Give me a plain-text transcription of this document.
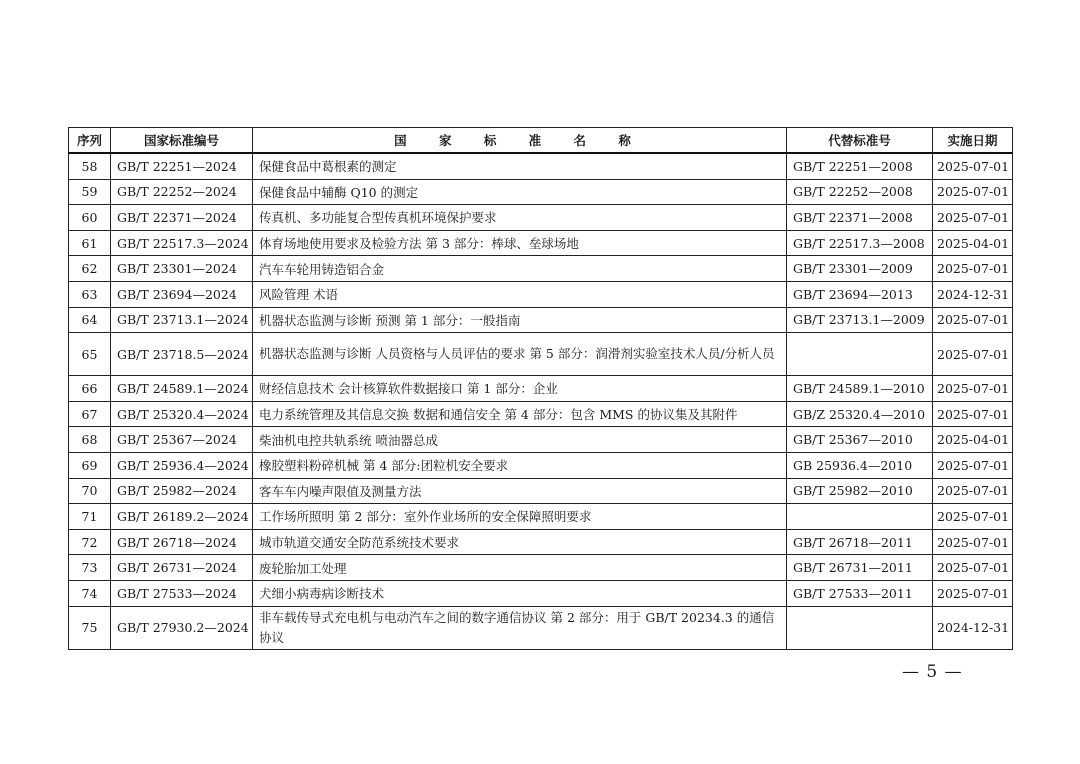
序列	国家标准编号	国 家 标 准 名 称	代替标准号	实施日期
58	GB/T 22251—2024	保健食品中葛根素的测定	GB/T 22251—2008	2025-07-01
59	GB/T 22252—2024	保健食品中辅酶 Q10 的测定	GB/T 22252—2008	2025-07-01
60	GB/T 22371—2024	传真机、多功能复合型传真机环境保护要求	GB/T 22371—2008	2025-07-01
61	GB/T 22517.3—2024	体育场地使用要求及检验方法 第 3 部分：棒球、垒球场地	GB/T 22517.3—2008	2025-04-01
62	GB/T 23301—2024	汽车车轮用铸造铝合金	GB/T 23301—2009	2025-07-01
63	GB/T 23694—2024	风险管理 术语	GB/T 23694—2013	2024-12-31
64	GB/T 23713.1—2024	机器状态监测与诊断 预测 第 1 部分：一般指南	GB/T 23713.1—2009	2025-07-01
65	GB/T 23718.5—2024	机器状态监测与诊断 人员资格与人员评估的要求 第 5 部分：润滑剂实验室技术人员/分析人员		2025-07-01
66	GB/T 24589.1—2024	财经信息技术 会计核算软件数据接口 第 1 部分：企业	GB/T 24589.1—2010	2025-07-01
67	GB/T 25320.4—2024	电力系统管理及其信息交换 数据和通信安全 第 4 部分：包含 MMS 的协议集及其附件	GB/Z 25320.4—2010	2025-07-01
68	GB/T 25367—2024	柴油机电控共轨系统 喷油器总成	GB/T 25367—2010	2025-04-01
69	GB/T 25936.4—2024	橡胶塑料粉碎机械 第 4 部分:团粒机安全要求	GB 25936.4—2010	2025-07-01
70	GB/T 25982—2024	客车车内噪声限值及测量方法	GB/T 25982—2010	2025-07-01
71	GB/T 26189.2—2024	工作场所照明 第 2 部分：室外作业场所的安全保障照明要求		2025-07-01
72	GB/T 26718—2024	城市轨道交通安全防范系统技术要求	GB/T 26718—2011	2025-07-01
73	GB/T 26731—2024	废轮胎加工处理	GB/T 26731—2011	2025-07-01
74	GB/T 27533—2024	犬细小病毒病诊断技术	GB/T 27533—2011	2025-07-01
75	GB/T 27930.2—2024	非车载传导式充电机与电动汽车之间的数字通信协议 第 2 部分：用于 GB/T 20234.3 的通信协议		2024-12-31
— 5 —
